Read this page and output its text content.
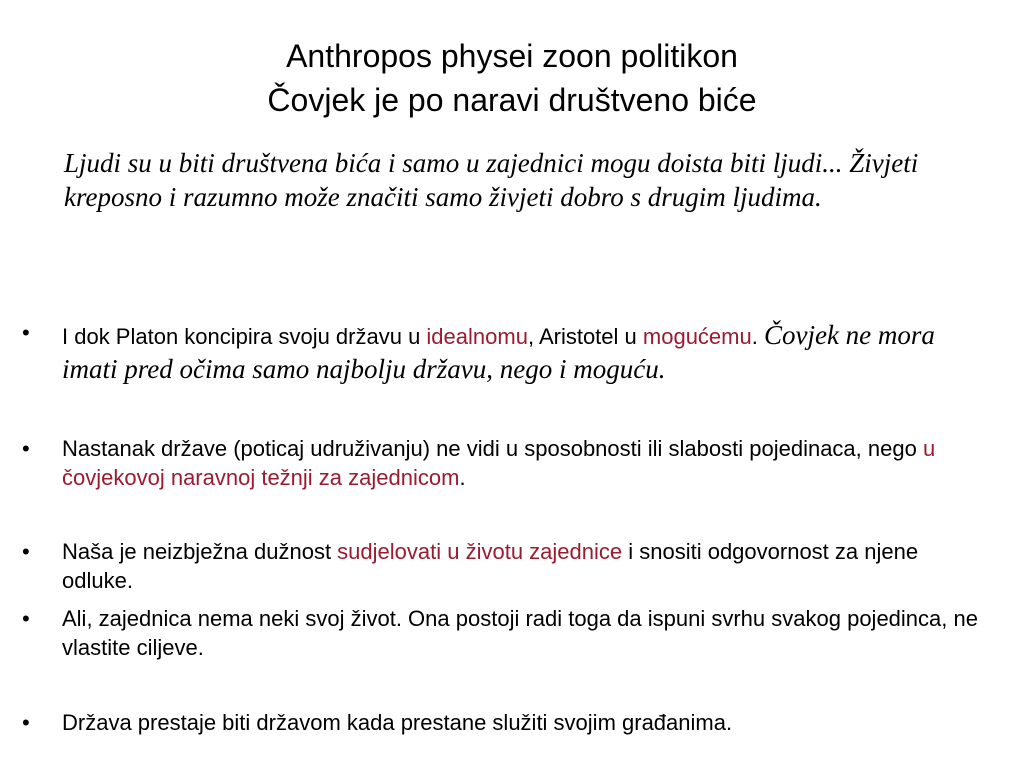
Anthropos physei zoon politikon
Čovjek je po naravi društveno biće
Ljudi su u biti društvena bića i samo u zajednici mogu doista biti ljudi... Živjeti kreposno i razumno može značiti samo živjeti dobro s drugim ljudima.
• I dok Platon koncipira svoju državu u idealnomu, Aristotel u mogućemu. Čovjek ne mora imati pred očima samo najbolju državu, nego i moguću.
• Nastanak države (poticaj udruživanju) ne vidi u sposobnosti ili slabosti pojedinaca, nego u čovjekovoj naravnoj težnji za zajednicom.
• Naša je neizbježna dužnost sudjelovati u životu zajednice i snositi odgovornost za njene odluke.
• Ali, zajednica nema neki svoj život. Ona postoji radi toga da ispuni svrhu svakog pojedinca, ne vlastite ciljeve.
• Država prestaje biti državom kada prestane služiti svojim građanima.
